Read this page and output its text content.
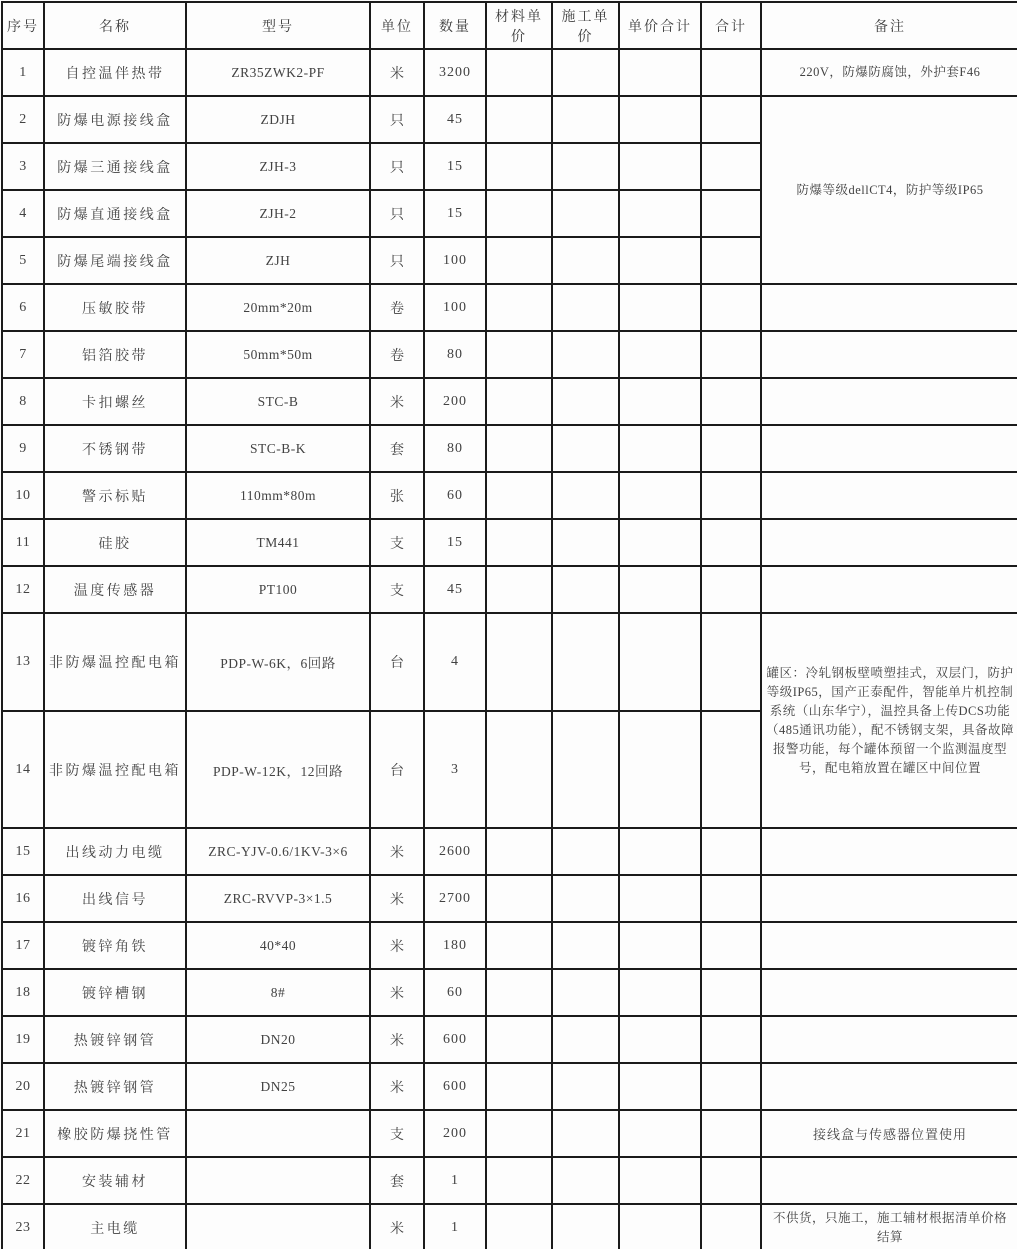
序号	名称	型号	单位	数量	材料单价	施工单价	单价合计	合计	备注
1	自控温伴热带	ZR35ZWK2-PF	米	3200					220V，防爆防腐蚀，外护套F46
2	防爆电源接线盒	ZDJH	只	45					防爆等级dellCT4，防护等级IP65
3	防爆三通接线盒	ZJH-3	只	15					
4	防爆直通接线盒	ZJH-2	只	15					
5	防爆尾端接线盒	ZJH	只	100					
6	压敏胶带	20mm*20m	卷	100					
7	铝箔胶带	50mm*50m	卷	80					
8	卡扣螺丝	STC-B	米	200					
9	不锈钢带	STC-B-K	套	80					
10	警示标贴	110mm*80m	张	60					
11	硅胶	TM441	支	15					
12	温度传感器	PT100	支	45					
13	非防爆温控配电箱	PDP-W-6K，6回路	台	4					罐区：冷轧钢板壁喷塑挂式，双层门，防护等级IP65，国产正泰配件，智能单片机控制系统（山东华宁），温控具备上传DCS功能（485通讯功能），配不锈钢支架，具备故障报警功能，每个罐体预留一个监测温度型号，配电箱放置在罐区中间位置
14	非防爆温控配电箱	PDP-W-12K，12回路	台	3					
15	出线动力电缆	ZRC-YJV-0.6/1KV-3×6	米	2600					
16	出线信号	ZRC-RVVP-3×1.5	米	2700					
17	镀锌角铁	40*40	米	180					
18	镀锌槽钢	8#	米	60					
19	热镀锌钢管	DN20	米	600					
20	热镀锌钢管	DN25	米	600					
21	橡胶防爆挠性管		支	200					接线盒与传感器位置使用
22	安装辅材		套	1					
23	主电缆		米	1					不供货，只施工，施工辅材根据清单价格结算
